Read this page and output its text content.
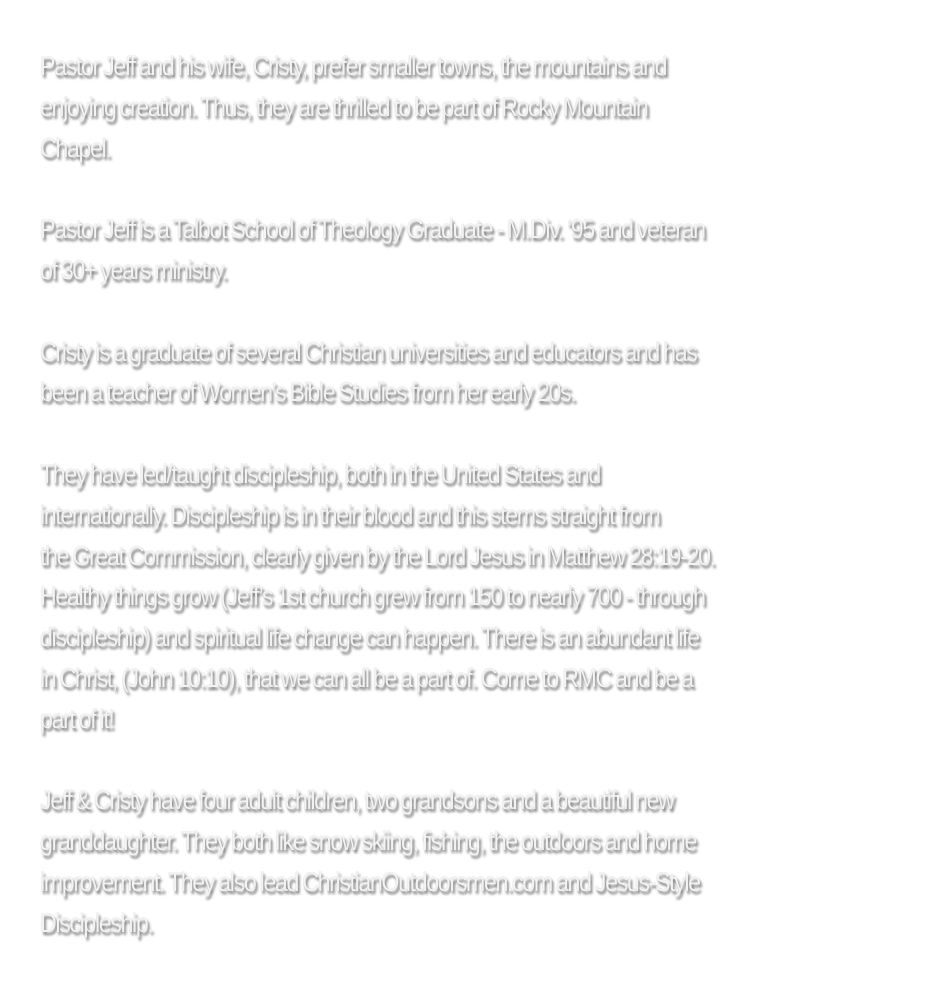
Pastor Jeff and his wife, Cristy, prefer smaller towns, the mountains and
enjoying creation. Thus, they are thrilled to be part of Rocky Mountain
Chapel.

Pastor Jeff is a Talbot School of Theology Graduate - M.Div. ‘95 and veteran
of 30+ years ministry.

Cristy is a graduate of several Christian universities and educators and has
been a teacher of Women’s Bible Studies from her early 20s.

They have led/taught discipleship, both in the United States and
internationally. Discipleship is in their blood and this stems straight from
the Great Commission, clearly given by the Lord Jesus in Matthew 28:19-20.
Healthy things grow (Jeff’s 1st church grew from 150 to nearly 700 - through
discipleship) and spiritual life change can happen. There is an abundant life
in Christ, (John 10:10), that we can all be a part of. Come to RMC and be a
part of it!

Jeff & Cristy have four adult children, two grandsons and a beautiful new
granddaughter. They both like snow skiing, fishing, the outdoors and home
improvement. They also lead ChristianOutdoorsmen.com and Jesus-Style
Discipleship.
